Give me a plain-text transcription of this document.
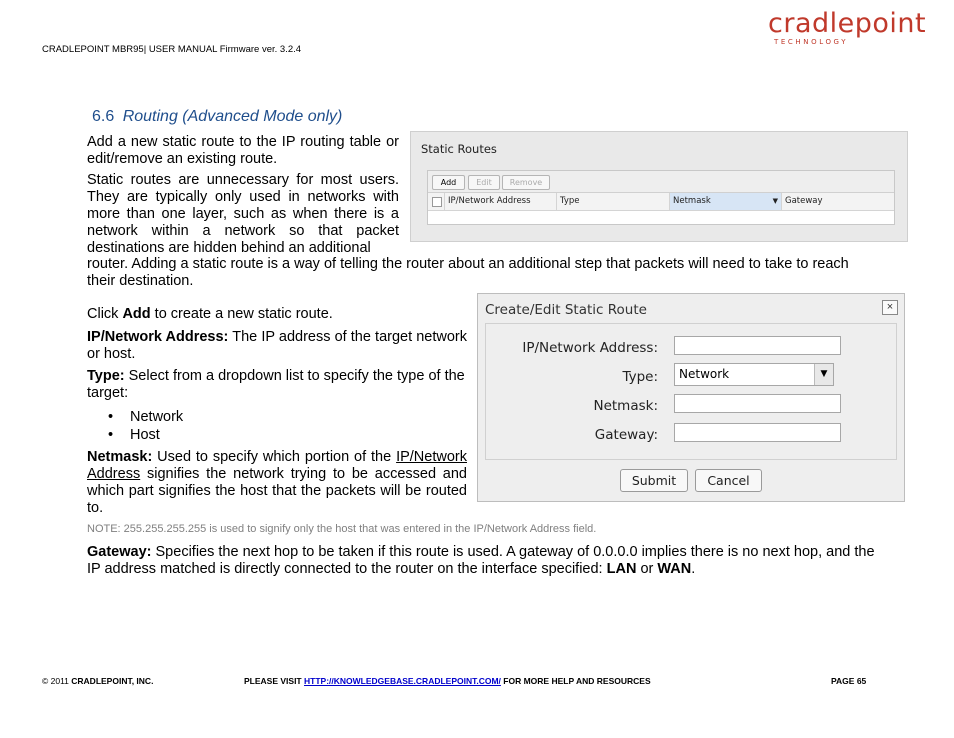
CRADLEPOINT MBR95| USER MANUAL Firmware ver. 3.2.4
cradlepoint
TECHNOLOGY
6.6 Routing (Advanced Mode only)
Add a new static route to the IP routing table or edit/remove an existing route.
Static routes are unnecessary for most users. They are typically only used in networks with more than one layer, such as when there is a network within a network so that packet destinations are hidden behind an additional
router. Adding a static route is a way of telling the router about an additional step that packets will need to take to reach their destination.
Click Add to create a new static route.
IP/Network Address: The IP address of the target network or host.
Type: Select from a dropdown list to specify the type of the target:
• Network
• Host
Netmask: Used to specify which portion of the IP/Network Address signifies the network trying to be accessed and which part signifies the host that the packets will be routed to.
NOTE: 255.255.255.255 is used to signify only the host that was entered in the IP/Network Address field.
Gateway: Specifies the next hop to be taken if this route is used. A gateway of 0.0.0.0 implies there is no next hop, and the IP address matched is directly connected to the router on the interface specified: LAN or WAN.
Static Routes
Add	Edit	Remove
IP/Network Address	Type	Netmask	▼ Gateway
Create/Edit Static Route	×
IP/Network Address:
Type:	Network	▼
Netmask:
Gateway:
Submit	Cancel
© 2011 CRADLEPOINT, INC.	PLEASE VISIT HTTP://KNOWLEDGEBASE.CRADLEPOINT.COM/ FOR MORE HELP AND RESOURCES	PAGE 65
